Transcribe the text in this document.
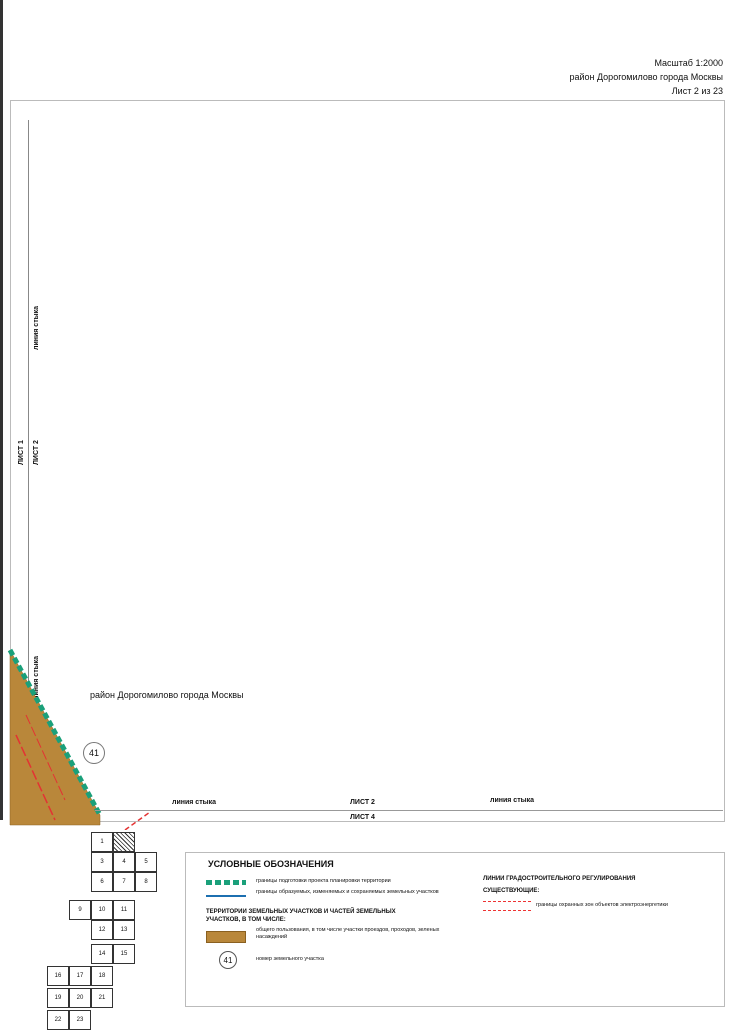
Масштаб 1:2000
район Дорогомилово города Москвы
Лист 2 из 23
линия стыка
ЛИСТ 1 ЛИСТ 2
линия стыка	район Дорогомилово города Москвы
41
линия стыка	ЛИСТ 2	линия стыка
ЛИСТ 4
1
3	4	5
6	7	8
9	10	11
12	13
14	15
16	17	18
19	20	21
22	23
УСЛОВНЫЕ ОБОЗНАЧЕНИЯ
границы подготовки проекта планировки территории
границы образуемых, изменяемых и сохраняемых земельных участков
ТЕРРИТОРИИ ЗЕМЕЛЬНЫХ УЧАСТКОВ И ЧАСТЕЙ ЗЕМЕЛЬНЫХ УЧАСТКОВ, В ТОМ ЧИСЛЕ:
общего пользования, в том числе участки проездов, проходов, зеленых насаждений
41	номер земельного участка
ЛИНИИ ГРАДОСТРОИТЕЛЬНОГО РЕГУЛИРОВАНИЯ
СУЩЕСТВУЮЩИЕ:
границы охранных зон объектов электроэнергетики
